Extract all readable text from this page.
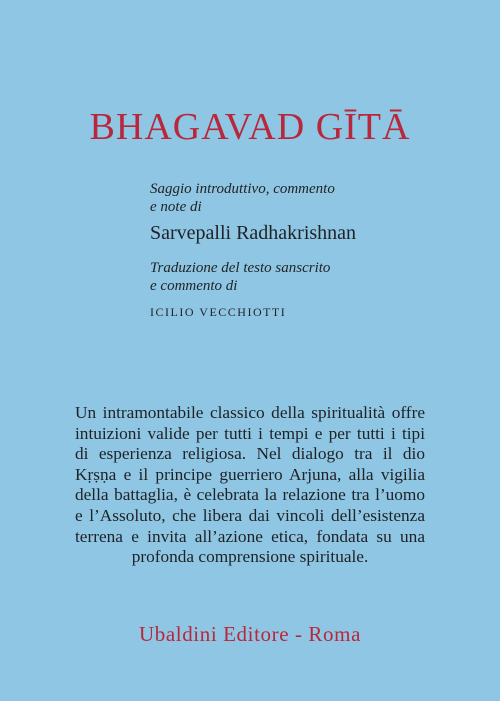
BHAGAVAD GĪTĀ

Saggio introduttivo, commento

e note di

Sarvepalli Radhakrishnan

Traduzione del testo sanscrito

e commento di

ICILIO VECCHIOTTI
Un intramontabile classico della spiritualità offre
intuizioni valide per tutti i tempi e per tutti i tipi
di esperienza religiosa. Nel dialogo tra il dio
Kṛṣṇa e il principe guerriero Arjuna, alla vigilia
della battaglia, è celebrata la relazione tra l’uomo
e l’Assoluto, che libera dai vincoli dell’esistenza
terrena e invita all’azione etica, fondata su una
profonda comprensione spirituale.
Ubaldini Editore - Roma
